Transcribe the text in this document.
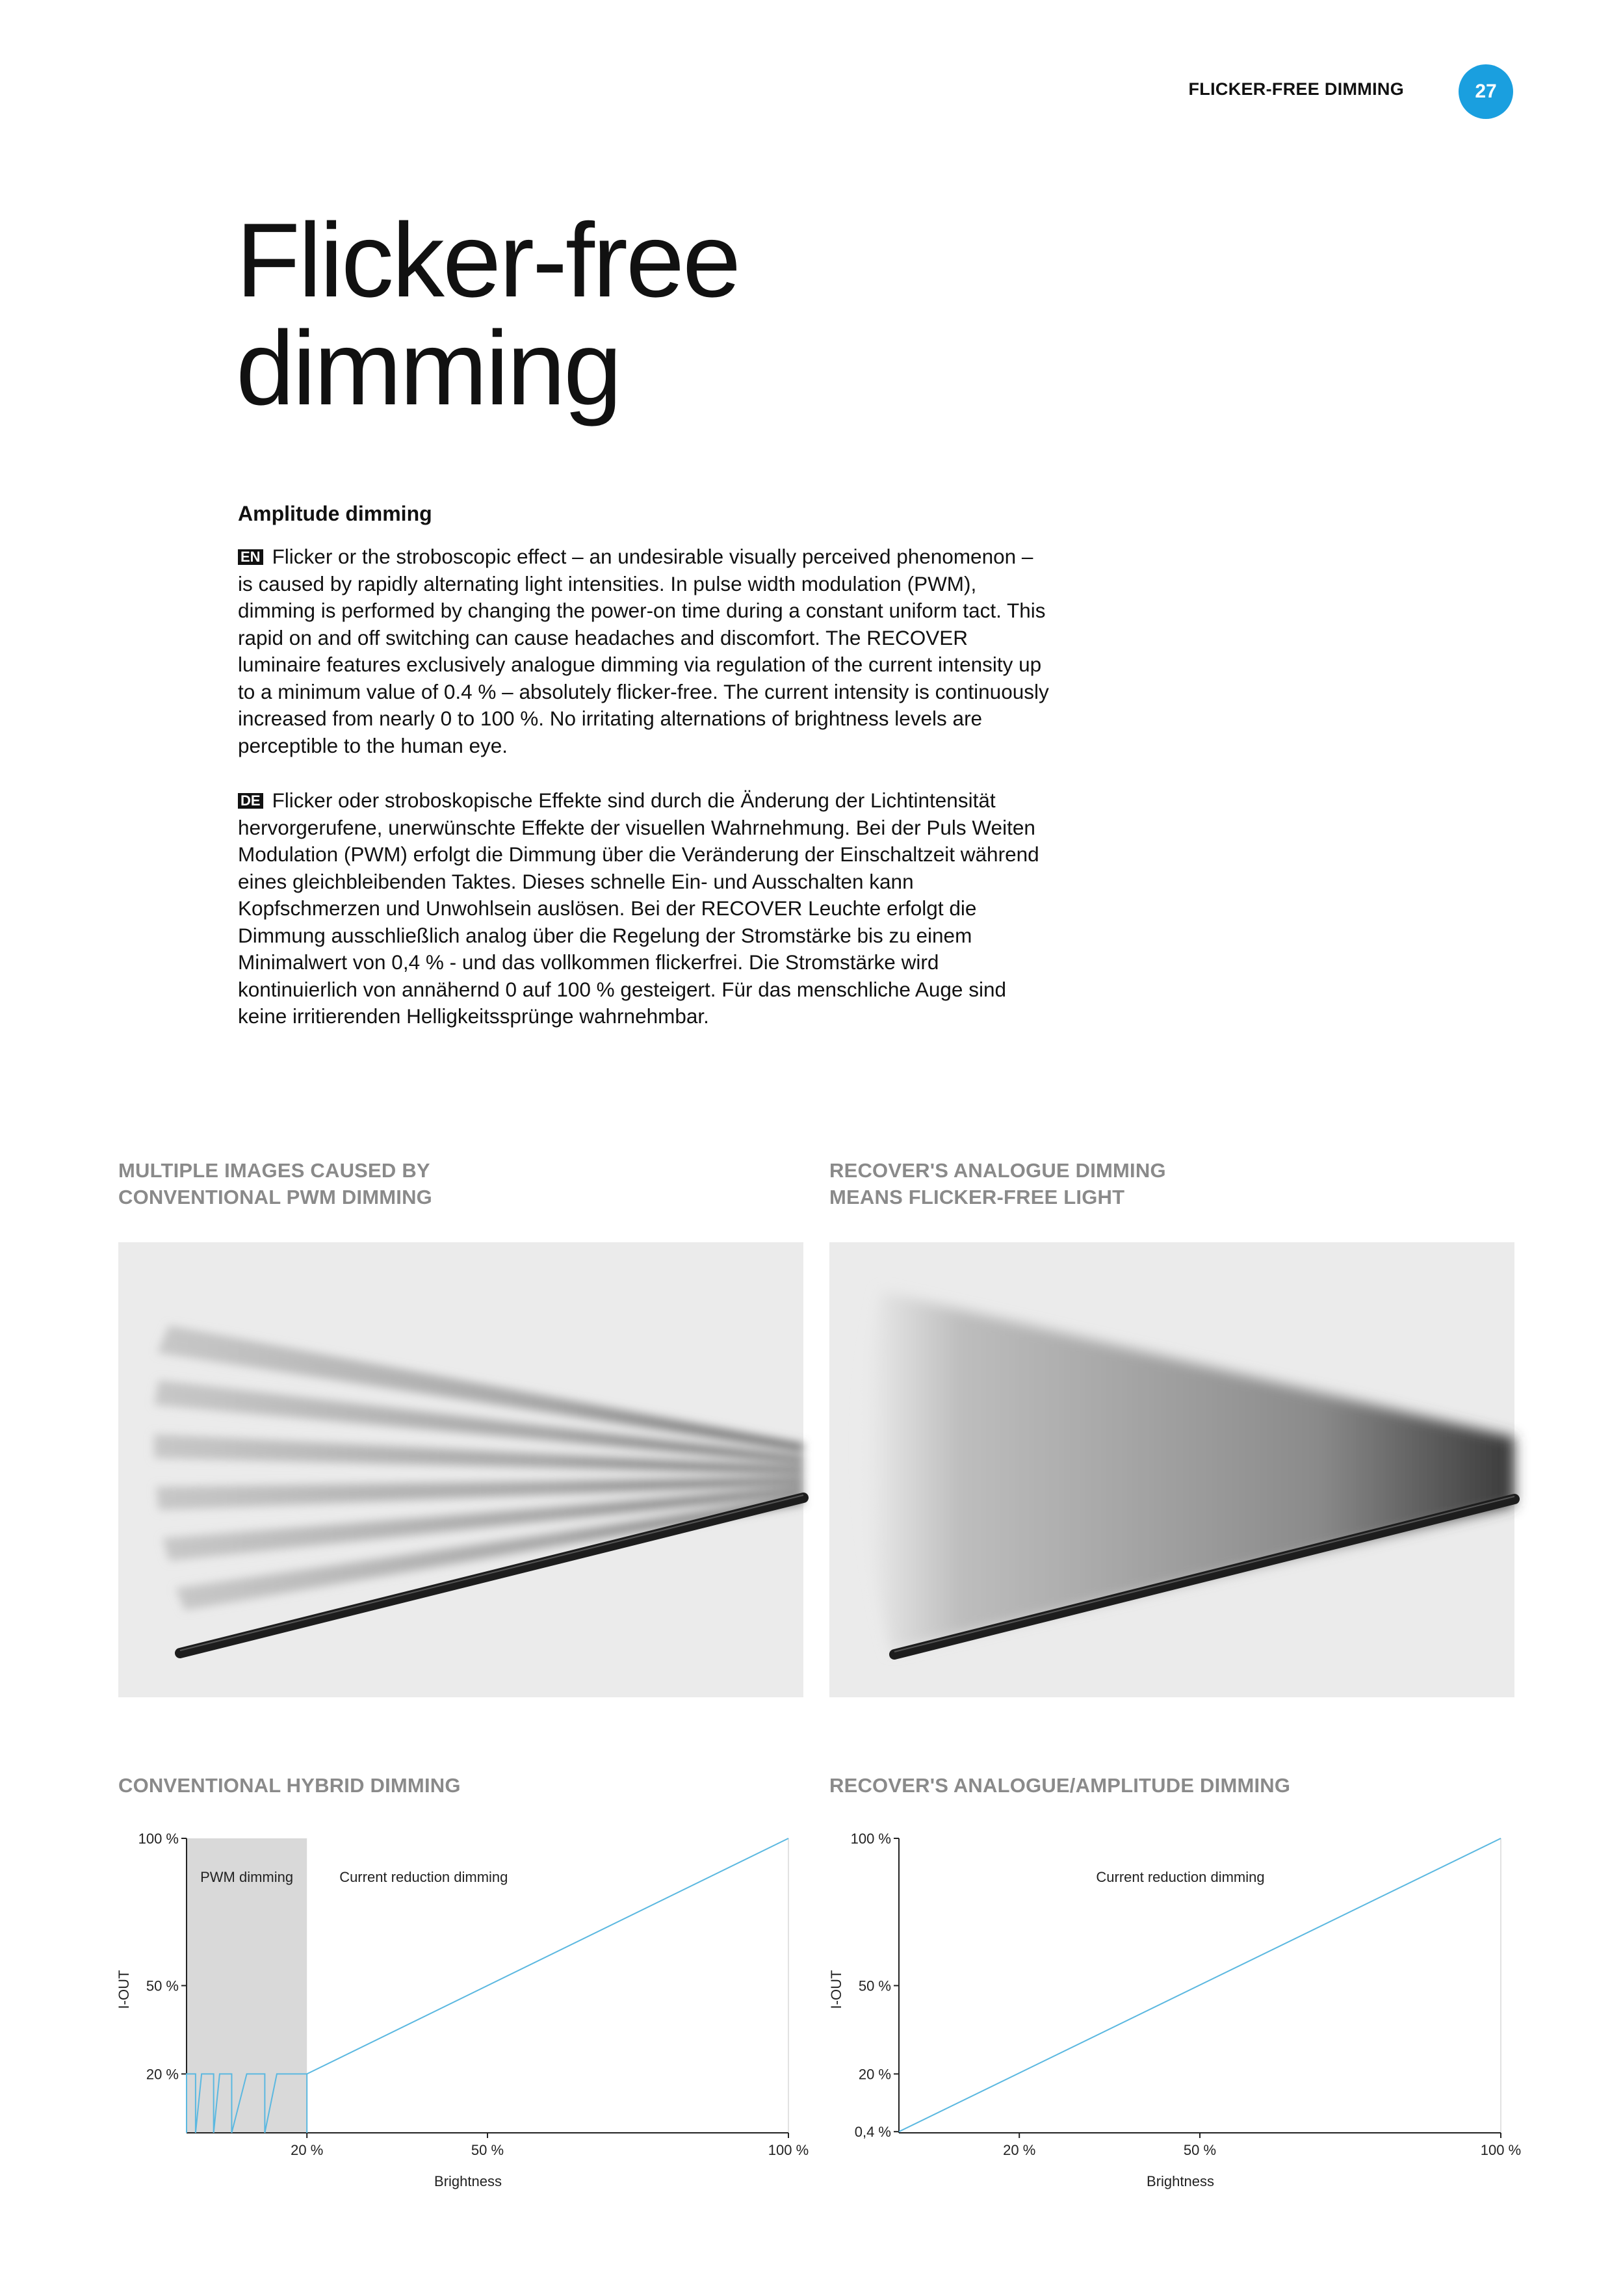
FLICKER-FREE DIMMING	27
Flicker-free
dimming
Amplitude dimming
EN Flicker or the stroboscopic effect – an undesirable visually perceived phenomenon – is caused by rapidly alternating light intensities. In pulse width modulation (PWM), dimming is performed by changing the power-on time during a constant uniform tact. This rapid on and off switching can cause headaches and discomfort. The RECOVER luminaire features exclusively analogue dimming via regulation of the current intensity up to a minimum value of 0.4 % – absolutely flicker-free. The current intensity is continuously increased from nearly 0 to 100 %. No irritating alternations of brightness levels are perceptible to the human eye.
DE Flicker oder stroboskopische Effekte sind durch die Änderung der Lichtintensität hervorgerufene, unerwünschte Effekte der visuellen Wahrnehmung. Bei der Puls Weiten Modulation (PWM) erfolgt die Dimmung über die Veränderung der Einschaltzeit während eines gleichbleibenden Taktes. Dieses schnelle Ein- und Ausschalten kann Kopfschmerzen und Unwohlsein auslösen. Bei der RECOVER Leuchte erfolgt die Dimmung ausschließlich analog über die Regelung der Stromstärke bis zu einem Minimalwert von 0,4 % - und das vollkommen flickerfrei. Die Stromstärke wird kontinuierlich von annähernd 0 auf 100 % gesteigert. Für das menschliche Auge sind keine irritierenden Helligkeitssprünge wahrnehmbar.
MULTIPLE IMAGES CAUSED BY
CONVENTIONAL PWM DIMMING
RECOVER'S ANALOGUE DIMMING
MEANS FLICKER-FREE LIGHT
CONVENTIONAL HYBRID DIMMING	RECOVER'S ANALOGUE/AMPLITUDE DIMMING
100 %
50 %
20 %
20 %	50 %	100 %
Brightness
I-OUT
PWM dimming	Current reduction dimming
100 %
50 %
20 %
0,4 %
20 %	50 %	100 %
Brightness
I-OUT
Current reduction dimming
